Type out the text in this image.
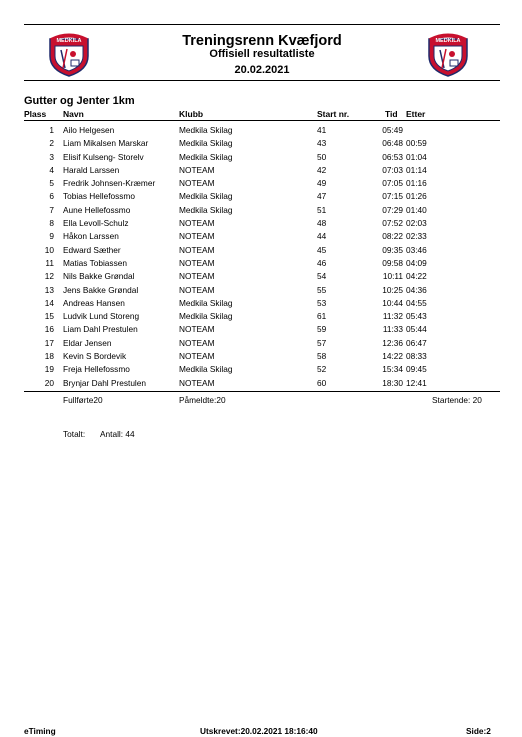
MEDKILA	MEDKILA
Treningsrenn Kvæfjord
Offisiell resultatliste
20.02.2021
Gutter og Jenter 1km
Plass Navn	Klubb	Start nr.	Tid Etter
1 Ailo Helgesen	Medkila Skilag	41	05:49
2 Liam Mikalsen Marskar	Medkila Skilag	43	06:48 00:59
3 Elisif Kulseng- Storelv	Medkila Skilag	50	06:53 01:04
4 Harald Larssen	NOTEAM	42	07:03 01:14
5 Fredrik Johnsen-Kræmer	NOTEAM	49	07:05 01:16
6 Tobias Hellefossmo	Medkila Skilag	47	07:15 01:26
7 Aune Hellefossmo	Medkila Skilag	51	07:29 01:40
8 Ella Levoll-Schulz	NOTEAM	48	07:52 02:03
9 Håkon Larssen	NOTEAM	44	08:22 02:33
10 Edward Sæther	NOTEAM	45	09:35 03:46
11 Matias Tobiassen	NOTEAM	46	09:58 04:09
12 Nils Bakke Grøndal	NOTEAM	54	10:11 04:22
13 Jens Bakke Grøndal	NOTEAM	55	10:25 04:36
14 Andreas Hansen	Medkila Skilag	53	10:44 04:55
15 Ludvik Lund Storeng	Medkila Skilag	61	11:32 05:43
16 Liam Dahl Prestulen	NOTEAM	59	11:33 05:44
17 Eldar Jensen	NOTEAM	57	12:36 06:47
18 Kevin S Bordevik	NOTEAM	58	14:22 08:33
19 Freja Hellefossmo	Medkila Skilag	52	15:34 09:45
20 Brynjar Dahl Prestulen	NOTEAM	60	18:30 12:41
Fullførte20	Påmeldte:20	Startende: 20
Totalt: Antall: 44
eTiming	Utskrevet:20.02.2021 18:16:40	Side:2
